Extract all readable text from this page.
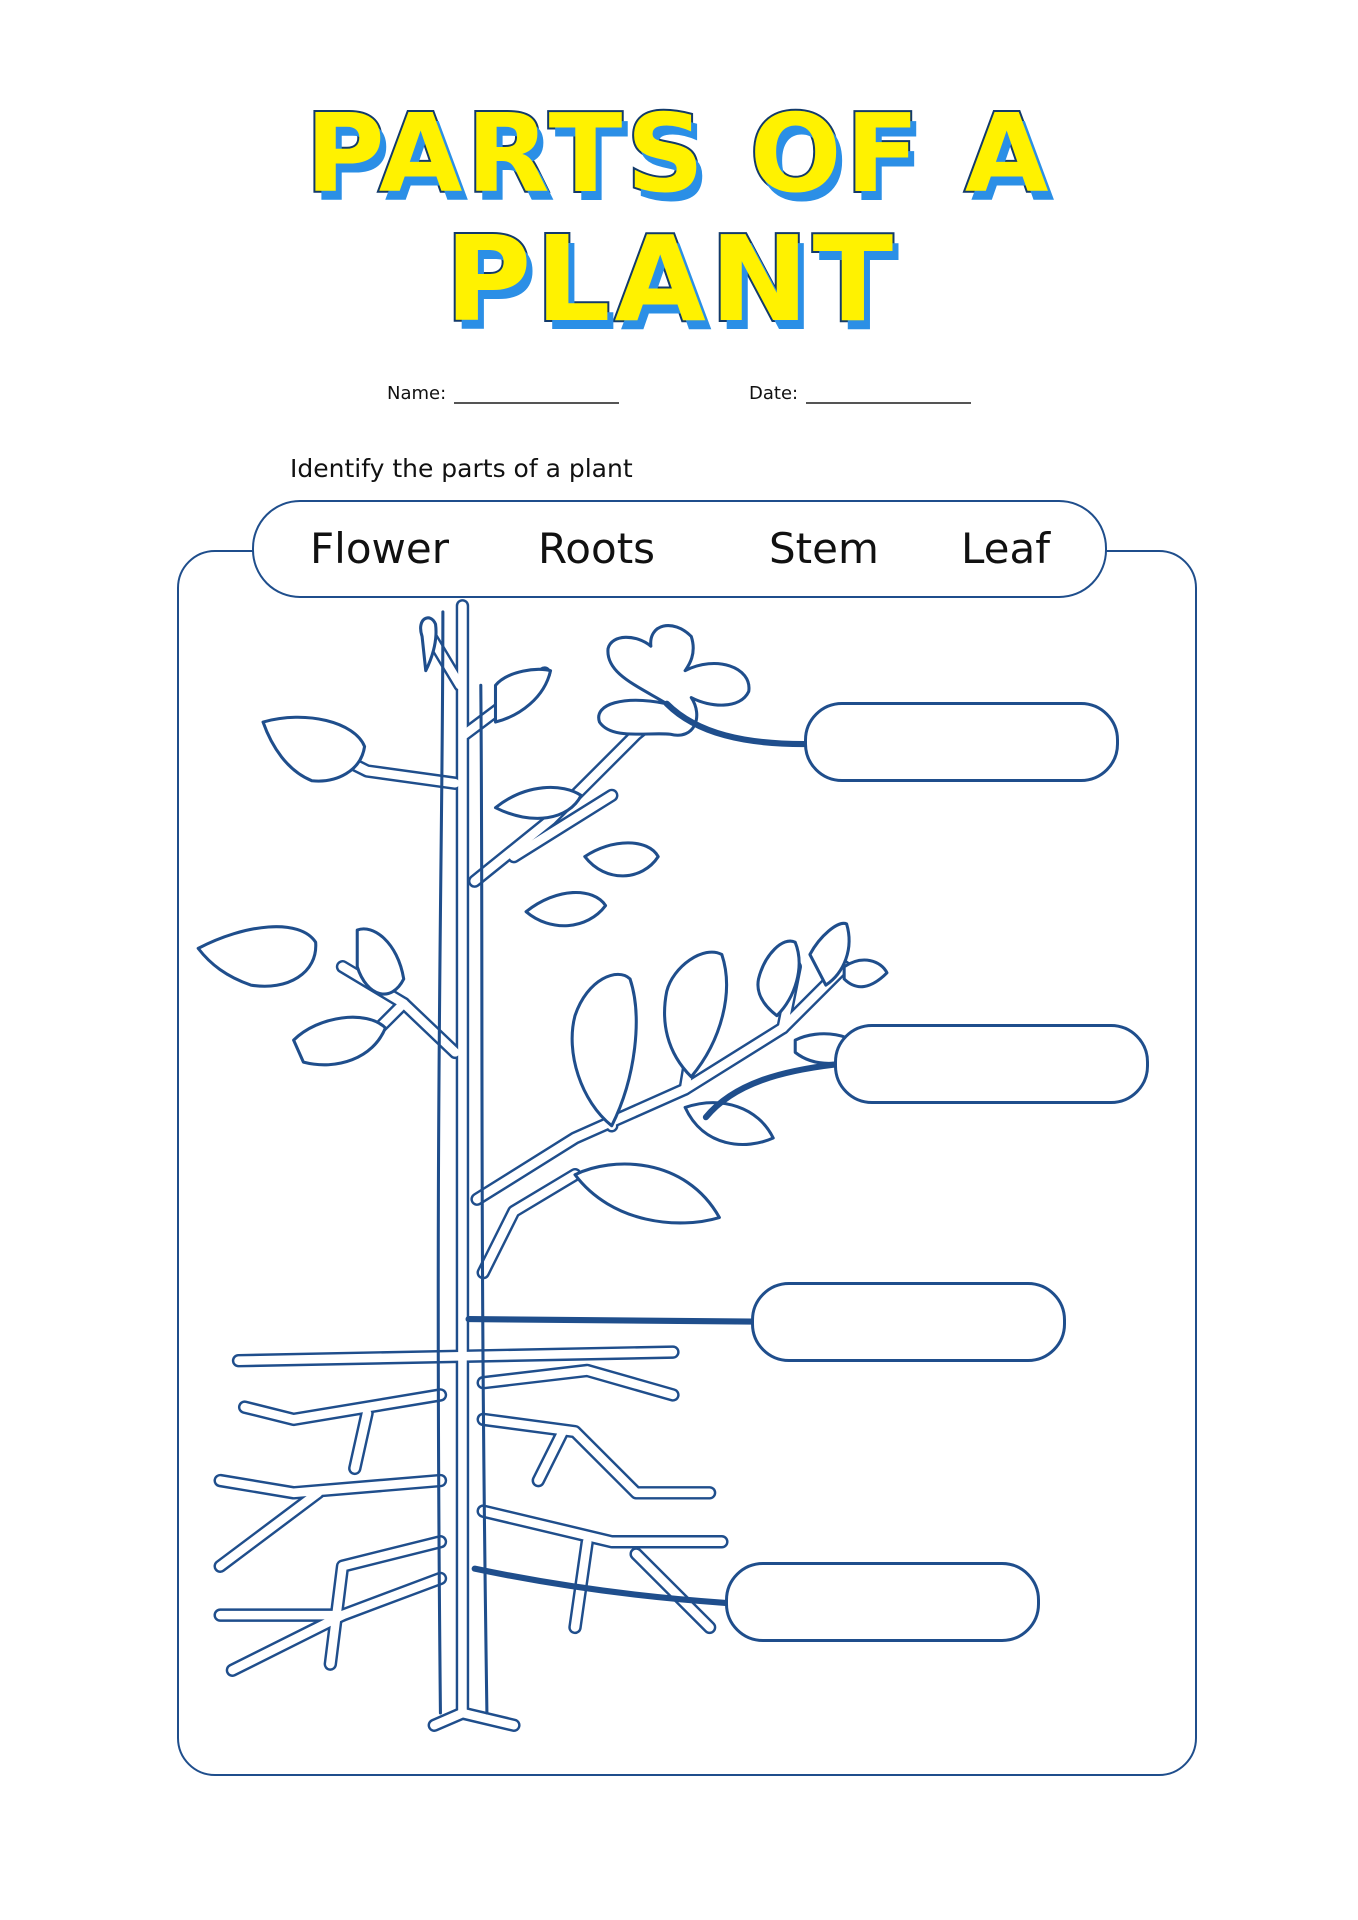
PARTS OF A
PLANT
Name:	Date:
Identify the parts of a plant
Flower Roots	Stem Leaf
